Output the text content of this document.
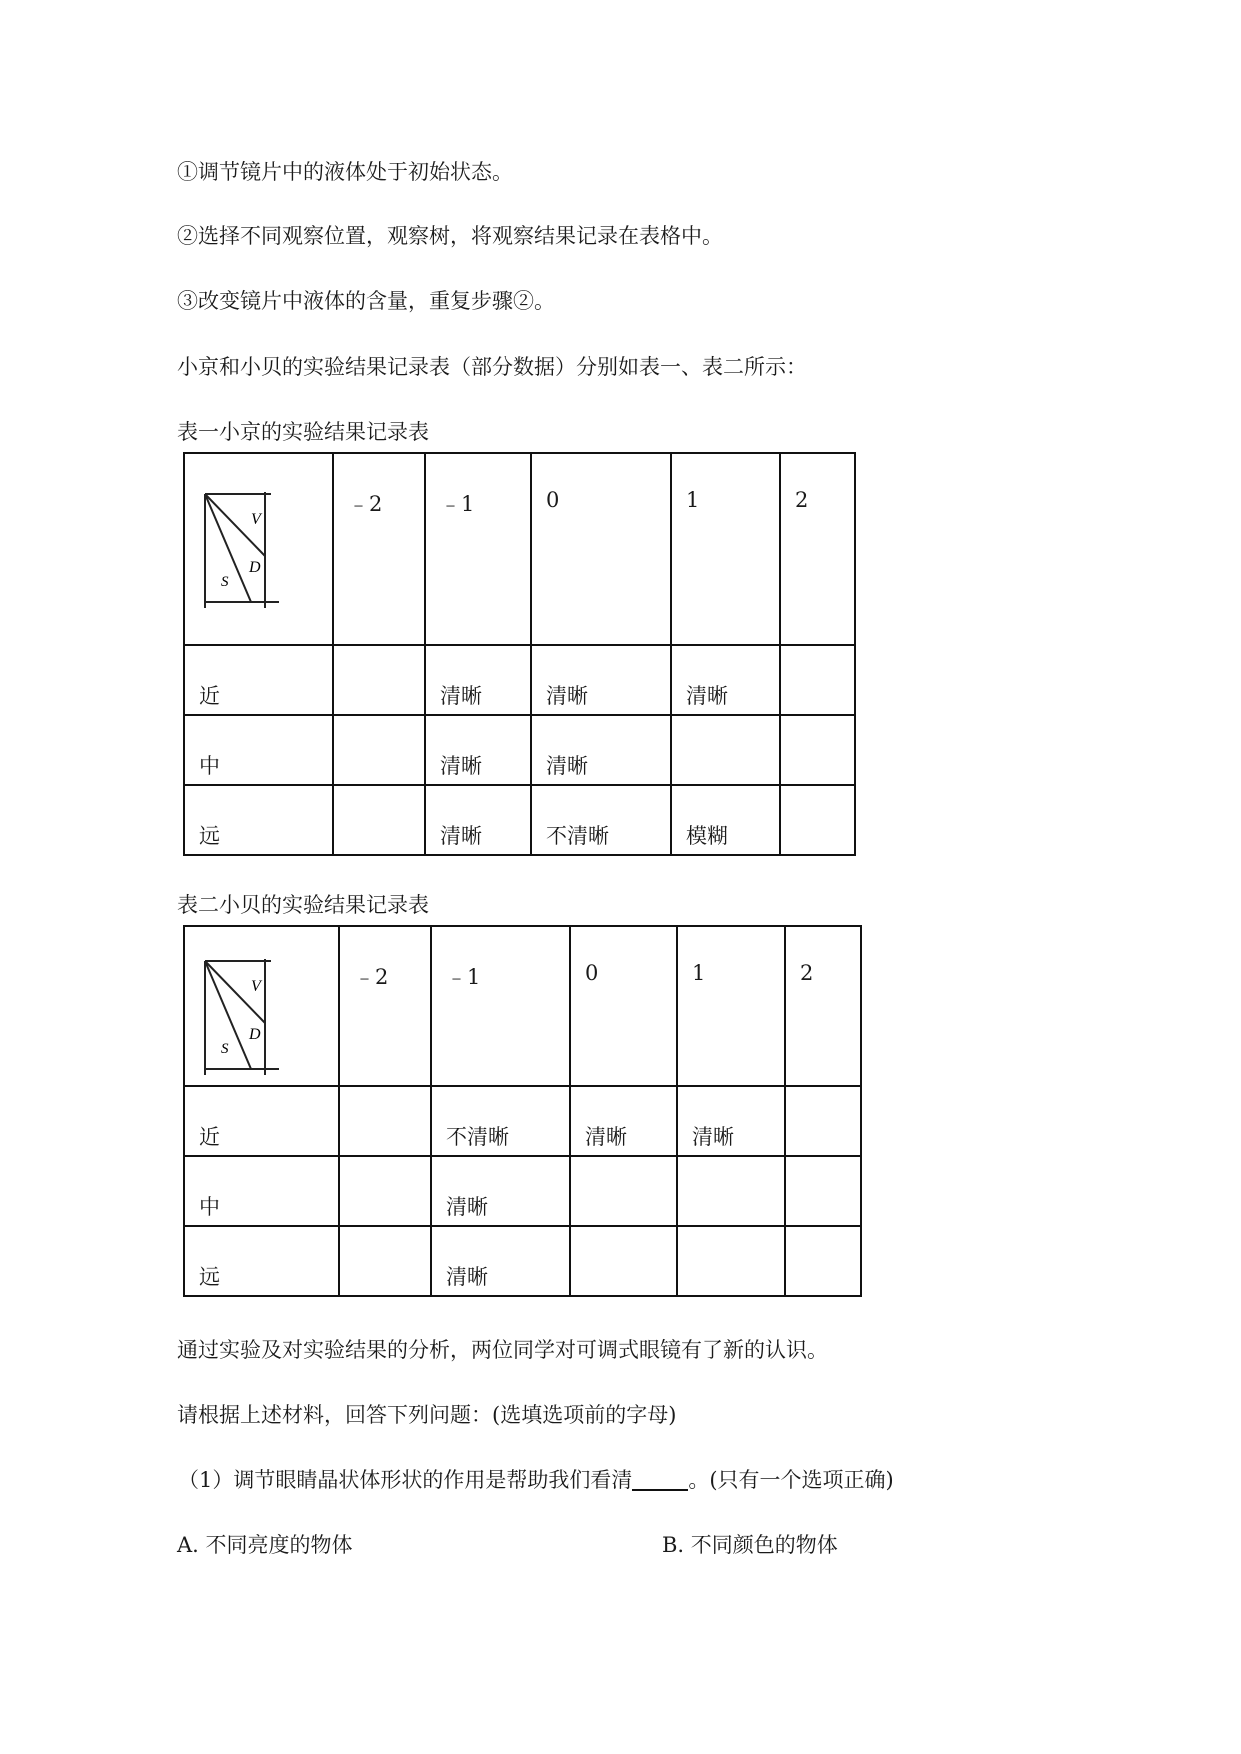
①调节镜片中的液体处于初始状态。
②选择不同观察位置，观察树，将观察结果记录在表格中。
③改变镜片中液体的含量，重复步骤②。
小京和小贝的实验结果记录表（部分数据）分别如表一、表二所示：
表一小京的实验结果记录表
V
D
S	﹣2	﹣1	0	1	2
近		清晰	清晰	清晰	
中		清晰	清晰		
远		清晰	不清晰	模糊	
表二小贝的实验结果记录表
V
D
S	﹣2	﹣1	0	1	2
近		不清晰	清晰	清晰	
中		清晰			
远		清晰			
通过实验及对实验结果的分析，两位同学对可调式眼镜有了新的认识。
请根据上述材料，回答下列问题：(选填选项前的字母)
（1）调节眼睛晶状体形状的作用是帮助我们看清	。(只有一个选项正确)
A. 不同亮度的物体	B. 不同颜色的物体
